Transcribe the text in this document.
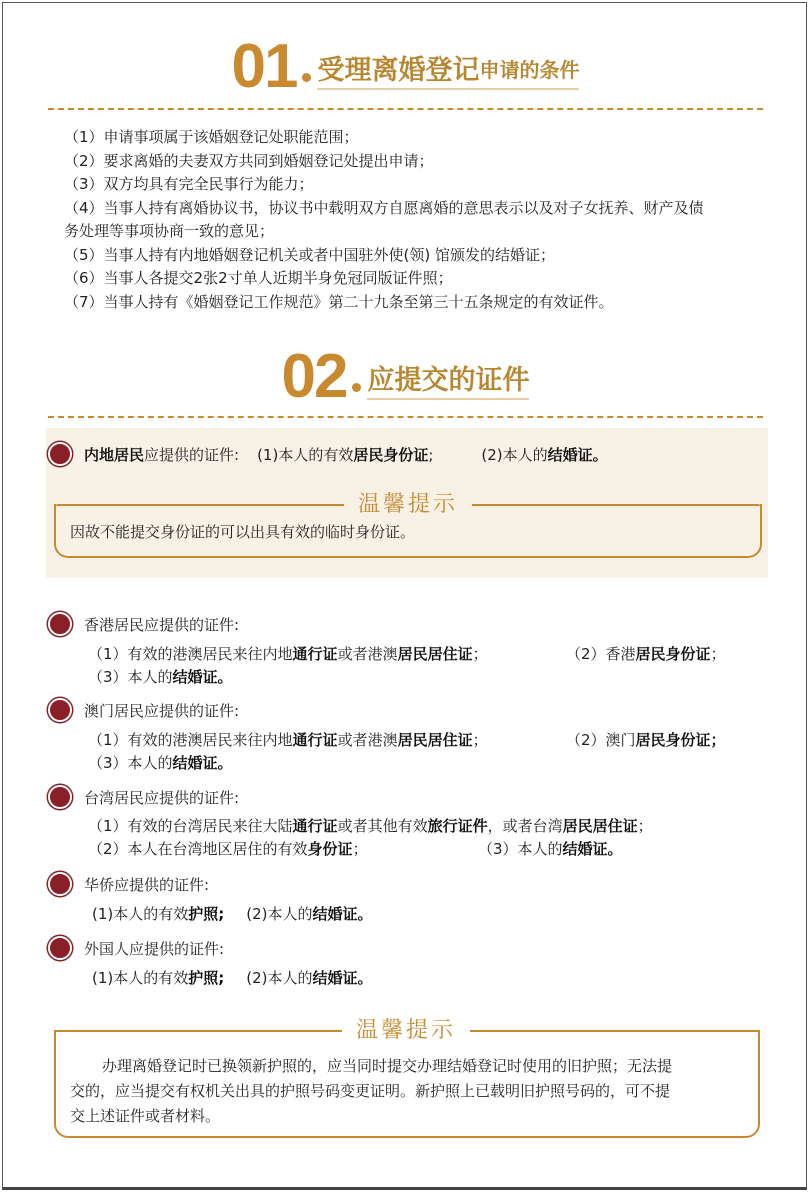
01 受理离婚登记 申请的条件
（1）申请事项属于该婚姻登记处职能范围；
（2）要求离婚的夫妻双方共同到婚姻登记处提出申请；
（3）双方均具有完全民事行为能力；
（4）当事人持有离婚协议书，协议书中载明双方自愿离婚的意思表示以及对子女抚养、财产及债
务处理等事项协商一致的意见；
（5）当事人持有内地婚姻登记机关或者中国驻外使(领) 馆颁发的结婚证；
（6）当事人各提交2张2寸单人近期半身免冠同版证件照；
（7）当事人持有《婚姻登记工作规范》第二十九条至第三十五条规定的有效证件。
02 应提交的证件
内地居民应提供的证件: (1)本人的有效居民身份证;	(2)本人的结婚证。
温馨提示
因故不能提交身份证的可以出具有效的临时身份证。
香港居民应提供的证件:
（1）有效的港澳居民来往内地通行证或者港澳居民居住证；	（2）香港居民身份证；
（3）本人的结婚证。
澳门居民应提供的证件:
（1）有效的港澳居民来往内地通行证或者港澳居民居住证；	（2）澳门居民身份证；
（3）本人的结婚证。
台湾居民应提供的证件:
（1）有效的台湾居民来往大陆通行证或者其他有效旅行证件，或者台湾居民居住证；
（2）本人在台湾地区居住的有效身份证；	（3）本人的结婚证。
华侨应提供的证件:
(1)本人的有效护照; (2)本人的结婚证。
外国人应提供的证件:
(1)本人的有效护照; (2)本人的结婚证。
温馨提示
办理离婚登记时已换领新护照的，应当同时提交办理结婚登记时使用的旧护照；无法提
交的，应当提交有权机关出具的护照号码变更证明。新护照上已载明旧护照号码的，可不提
交上述证件或者材料。
